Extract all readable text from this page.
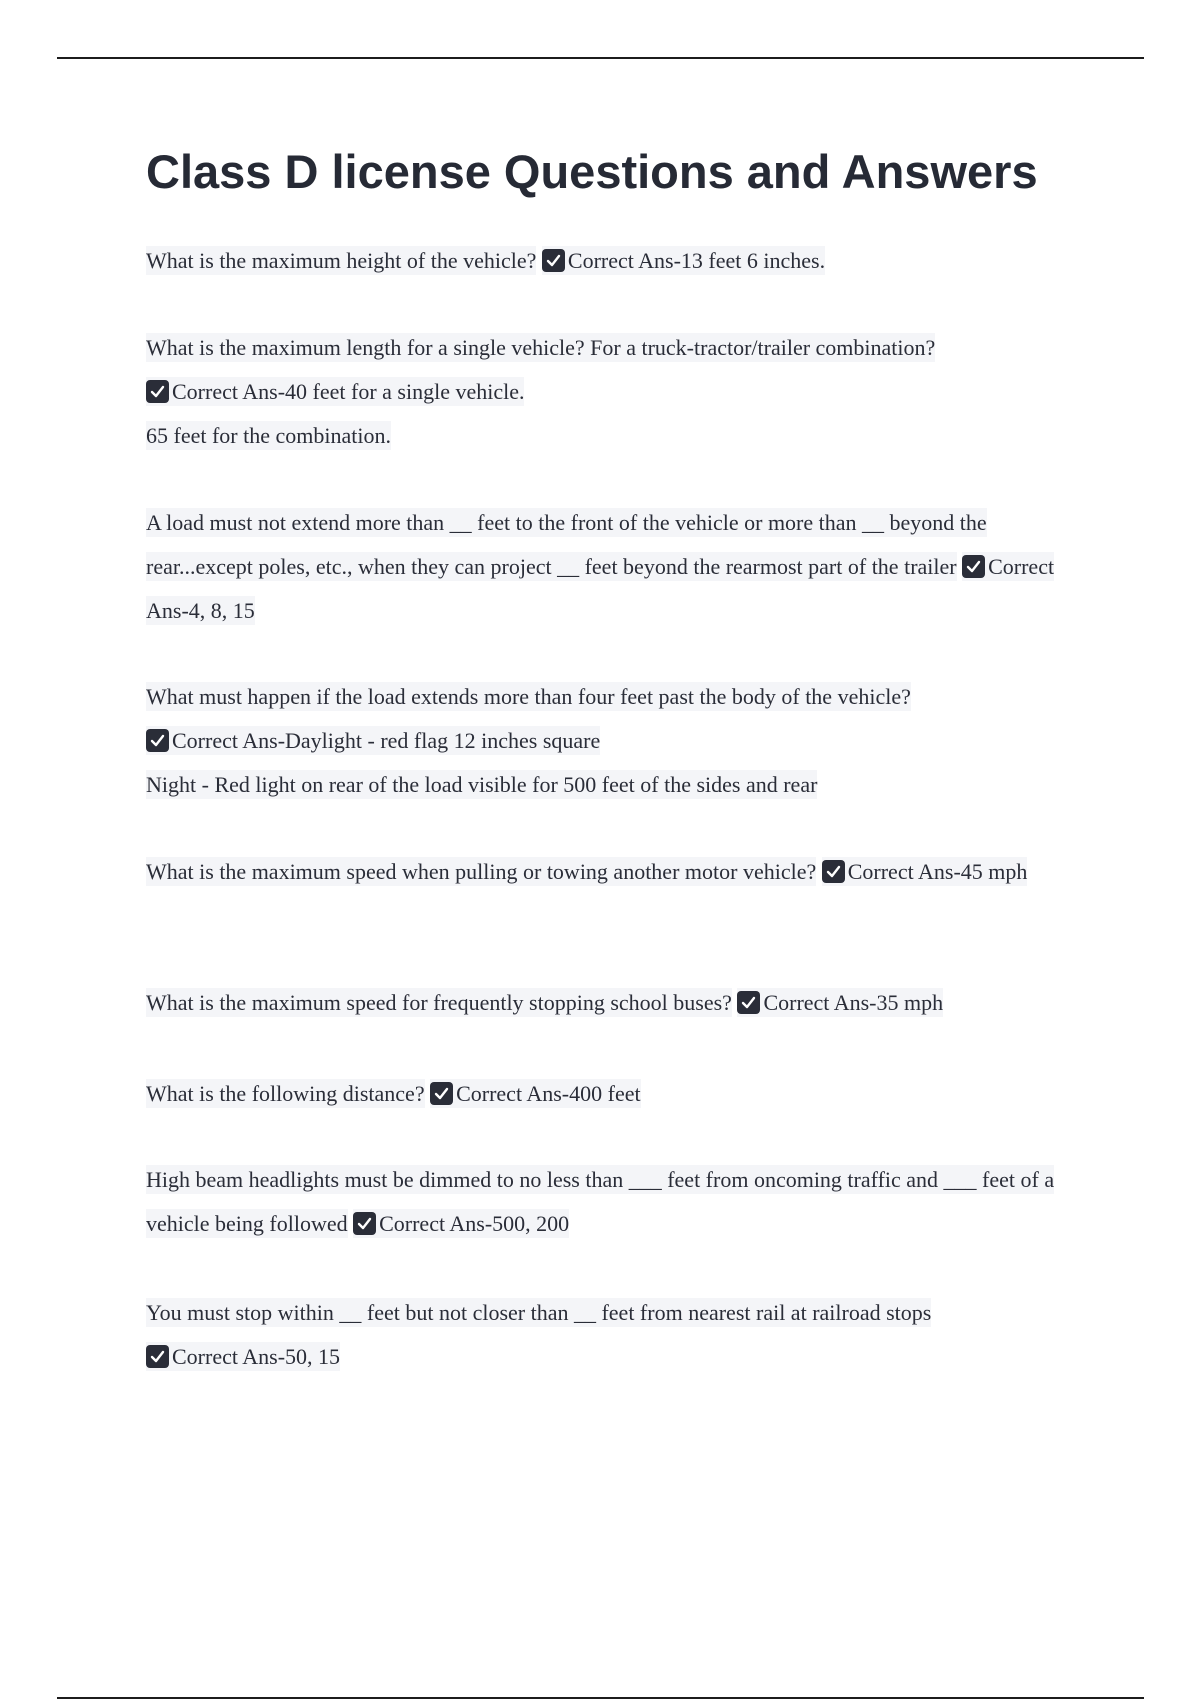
Class D license Questions and Answers
What is the maximum height of the vehicle? Correct Ans-13 feet 6 inches.
What is the maximum length for a single vehicle? For a truck-tractor/trailer combination?

Correct Ans-40 feet for a single vehicle.
65 feet for the combination.
A load must not extend more than __ feet to the front of the vehicle or more than __ beyond the rear...except poles, etc., when they can project __ feet beyond the rearmost part of the trailer Correct Ans-4, 8, 15
What must happen if the load extends more than four feet past the body of the vehicle?

Correct Ans-Daylight - red flag 12 inches square
Night - Red light on rear of the load visible for 500 feet of the sides and rear
What is the maximum speed when pulling or towing another motor vehicle? Correct Ans-45 mph
What is the maximum speed for frequently stopping school buses? Correct Ans-35 mph
What is the following distance? Correct Ans-400 feet
High beam headlights must be dimmed to no less than ___ feet from oncoming traffic and ___ feet of a vehicle being followed Correct Ans-500, 200
You must stop within __ feet but not closer than __ feet from nearest rail at railroad stops

Correct Ans-50, 15
